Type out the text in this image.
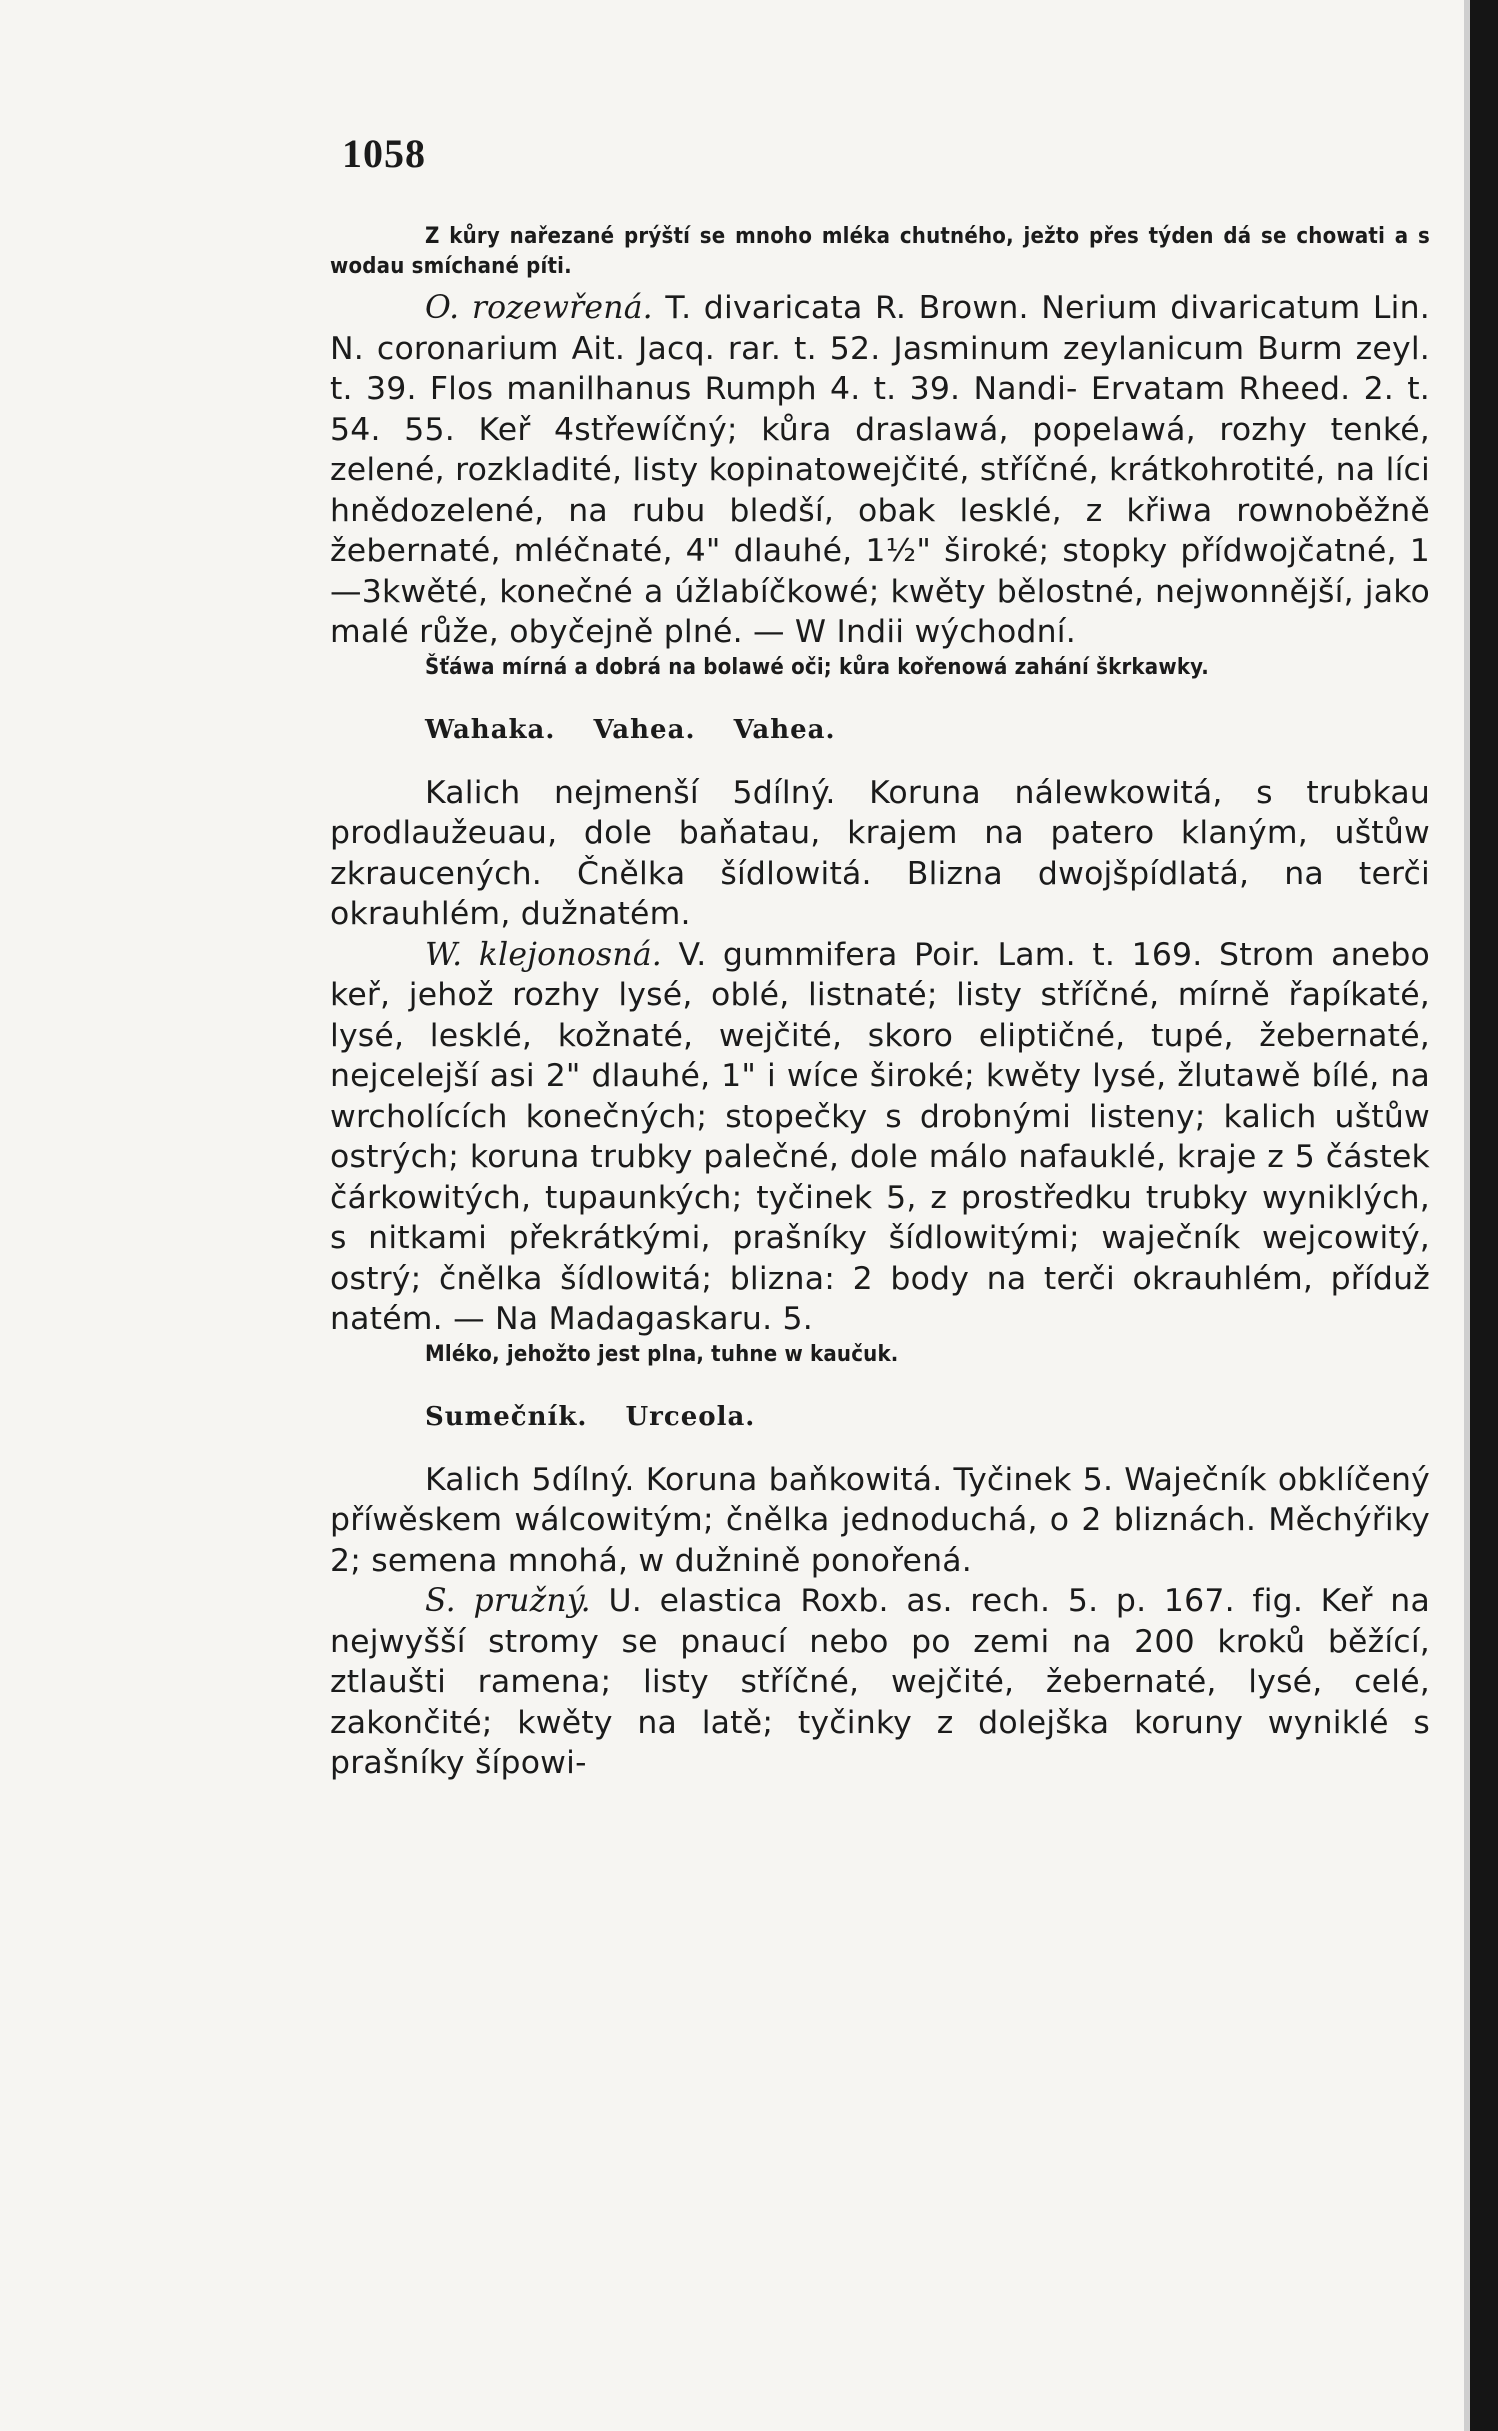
1058

Z kůry nařezané prýští se mnoho mléka chutného, ježto přes týden dá se chowati a s wodau smíchané píti.

O. rozewřená. T. divaricata R. Brown. Nerium divaricatum Lin. N. coronarium Ait. Jacq. rar. t. 52. Jasminum zeylanicum Burm zeyl. t. 39. Flos manilhanus Rumph 4. t. 39. Nandi- Ervatam Rheed. 2. t. 54. 55. Keř 4střewíčný; kůra draslawá, popelawá, rozhy tenké, zelené, rozkladité, listy kopinatowejčité, stříčné, krátkohrotité, na líci hnědozelené, na rubu bledší, obak lesklé, z křiwa rownoběžně žebernaté, mléčnaté, 4" dlauhé, 1½" široké; stopky přídwojčatné, 1—3kwěté, konečné a úžlabíčkowé; kwěty bělostné, nejwonnější, jako malé růže, obyčejně plné. — W Indii wýchodní.

Šťáwa mírná a dobrá na bolawé oči; kůra kořenowá zahání škrkawky.

Wahaka. Vahea. Vahea.

Kalich nejmenší 5dílný. Koruna nálewkowitá, s trubkau prodlaužeuau, dole baňatau, krajem na patero klaným, uštůw zkraucených. Čnělka šídlowitá. Blizna dwojšpídlatá, na terči okrauhlém, dužnatém.

W. klejonosná. V. gummifera Poir. Lam. t. 169. Strom anebo keř, jehož rozhy lysé, oblé, listnaté; listy stříčné, mírně řapíkaté, lysé, lesklé, kožnaté, wejčité, skoro eliptičné, tupé, žebernaté, nejcelejší asi 2" dlauhé, 1" i wíce široké; kwěty lysé, žlutawě bílé, na wrcholících konečných; stopečky s drobnými listeny; kalich uštůw ostrých; koruna trubky palečné, dole málo nafauklé, kraje z 5 částek čárkowitých, tupaunkých; tyčinek 5, z prostředku trubky wyniklých, s nitkami překrátkými, prašníky šídlowitými; waječník wejcowitý, ostrý; čnělka šídlowitá; blizna: 2 body na terči okrauhlém, příduž natém. — Na Madagaskaru. 5.

Mléko, jehožto jest plna, tuhne w kaučuk.

Sumečník. Urceola.

Kalich 5dílný. Koruna baňkowitá. Tyčinek 5. Waječník obklíčený příwěskem wálcowitým; čnělka jednoduchá, o 2 bliznách. Měchýřiky 2; semena mnohá, w dužnině ponořená.

S. pružný. U. elastica Roxb. as. rech. 5. p. 167. fig. Keř na nejwyšší stromy se pnaucí nebo po zemi na 200 kroků běžící, ztlaušti ramena; listy stříčné, wejčité, žebernaté, lysé, celé, zakončité; kwěty na latě; tyčinky z dolejška koruny wyniklé s prašníky šípowi-
